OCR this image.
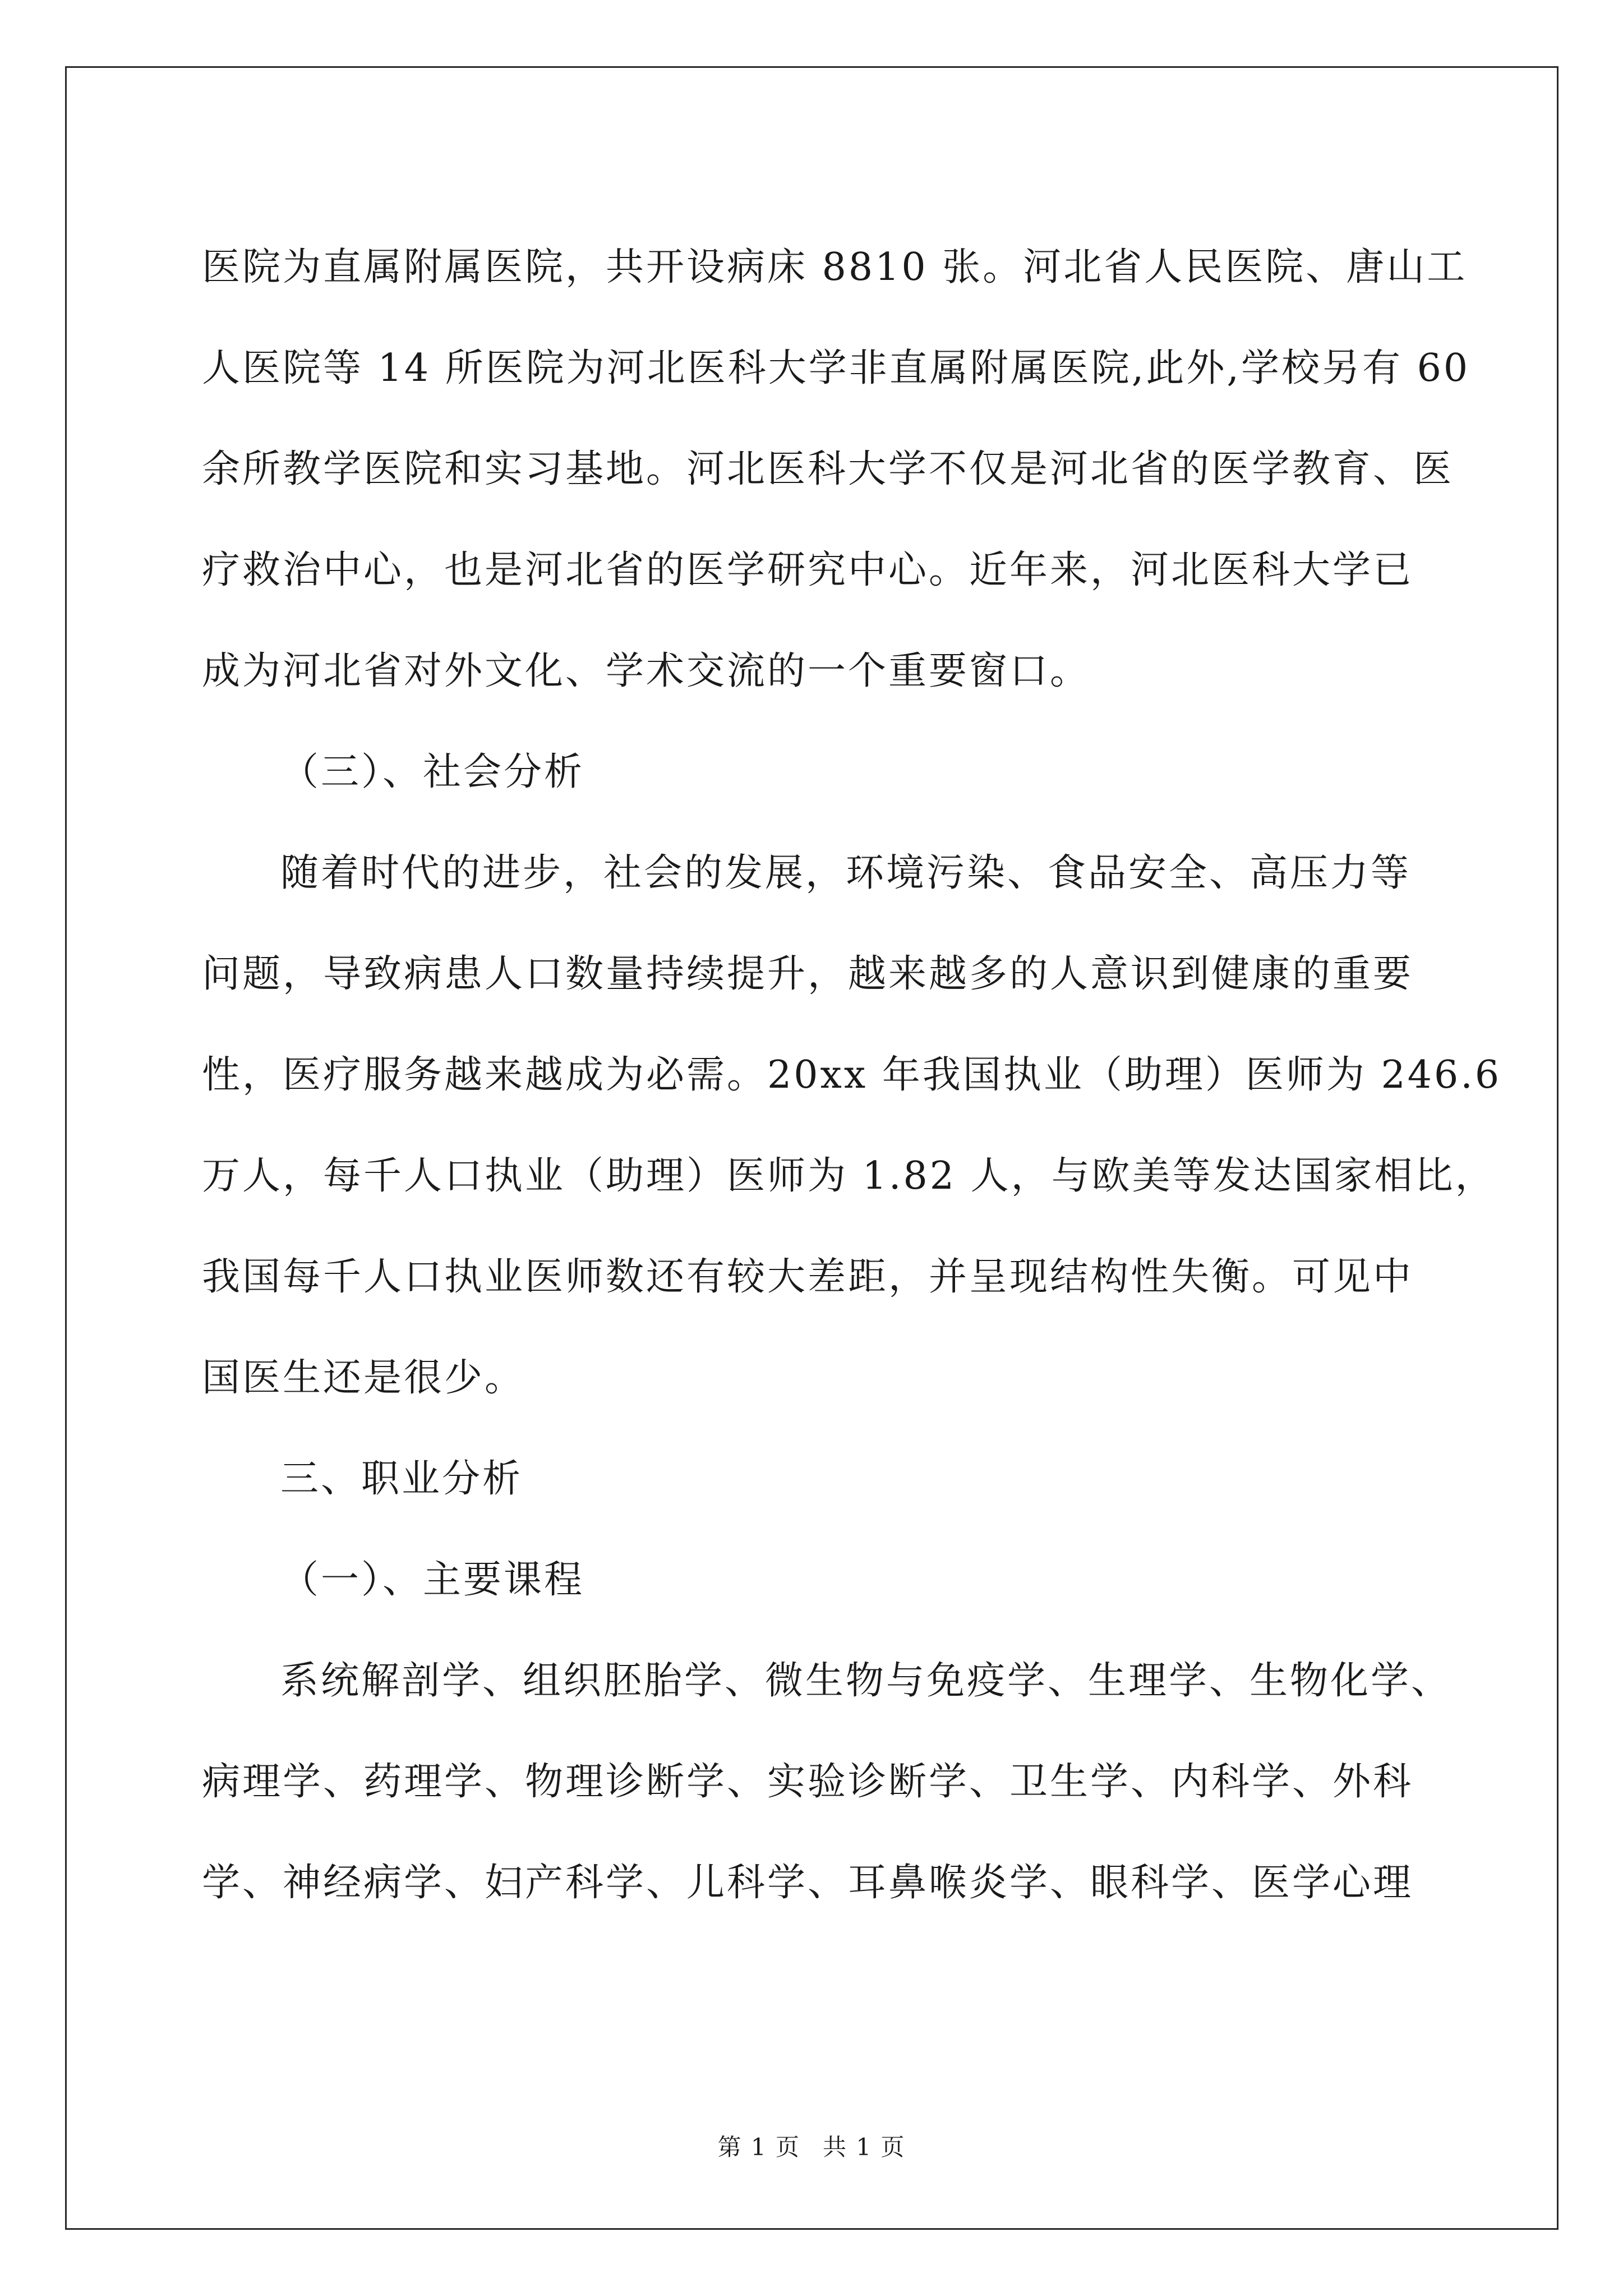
医院为直属附属医院，共开设病床 8810 张。河北省人民医院、唐山工
人医院等 14 所医院为河北医科大学非直属附属医院,此外,学校另有 60
余所教学医院和实习基地。河北医科大学不仅是河北省的医学教育、医
疗救治中心，也是河北省的医学研究中心。近年来，河北医科大学已
成为河北省对外文化、学术交流的一个重要窗口。
（三）、社会分析
随着时代的进步，社会的发展，环境污染、食品安全、高压力等
问题，导致病患人口数量持续提升，越来越多的人意识到健康的重要
性，医疗服务越来越成为必需。20xx 年我国执业（助理）医师为 246.6
万人，每千人口执业（助理）医师为 1.82 人，与欧美等发达国家相比，
我国每千人口执业医师数还有较大差距，并呈现结构性失衡。可见中
国医生还是很少。
三、职业分析
（一）、主要课程
系统解剖学、组织胚胎学、微生物与免疫学、生理学、生物化学、
病理学、药理学、物理诊断学、实验诊断学、卫生学、内科学、外科
学、神经病学、妇产科学、儿科学、耳鼻喉炎学、眼科学、医学心理
第 1 页 共 1 页
